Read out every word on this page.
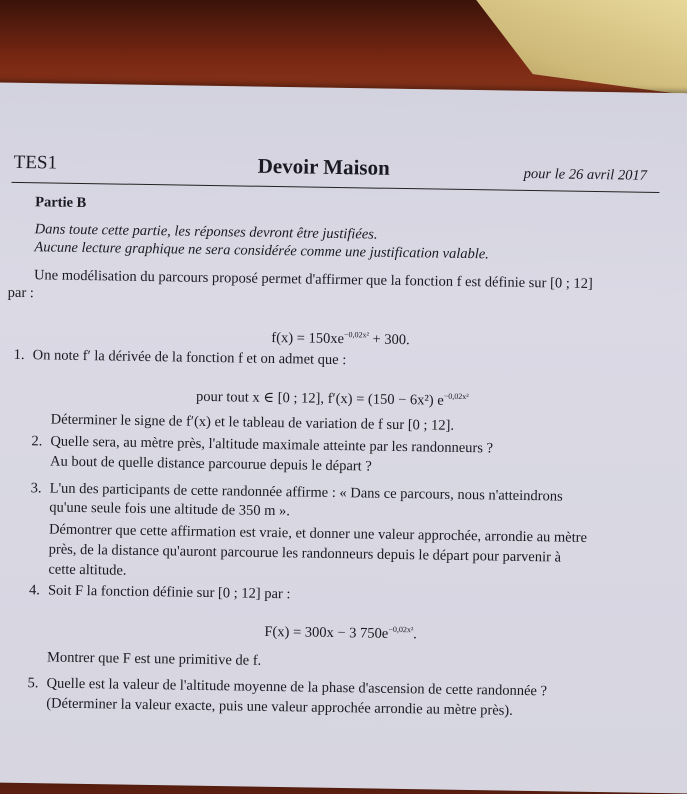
TES1	Devoir Maison	pour le 26 avril 2017
Partie B
Dans toute cette partie, les réponses devront être justifiées.
Aucune lecture graphique ne sera considérée comme une justification valable.
Une modélisation du parcours proposé permet d'affirmer que la fonction f est définie sur [0 ; 12]
par :
$f(x) = 150xe^{-0,02x^2} + 300$.
1. On note f′ la dérivée de la fonction f et on admet que :
pour tout x ∈ [0 ; 12], f′(x) = (150 − 6x²) $e^{-0,02x^2}$
Déterminer le signe de f′(x) et le tableau de variation de f sur [0 ; 12].
2. Quelle sera, au mètre près, l'altitude maximale atteinte par les randonneurs ?
Au bout de quelle distance parcourue depuis le départ ?
3. L'un des participants de cette randonnée affirme : « Dans ce parcours, nous n'atteindrons
qu'une seule fois une altitude de 350 m ».
Démontrer que cette affirmation est vraie, et donner une valeur approchée, arrondie au mètre
près, de la distance qu'auront parcourue les randonneurs depuis le départ pour parvenir à
cette altitude.
4. Soit F la fonction définie sur [0 ; 12] par :
F(x) = 300x − 3 $750e^{-0,02x^2}$.
Montrer que F est une primitive de f.
5. Quelle est la valeur de l'altitude moyenne de la phase d'ascension de cette randonnée ?
(Déterminer la valeur exacte, puis une valeur approchée arrondie au mètre près).
